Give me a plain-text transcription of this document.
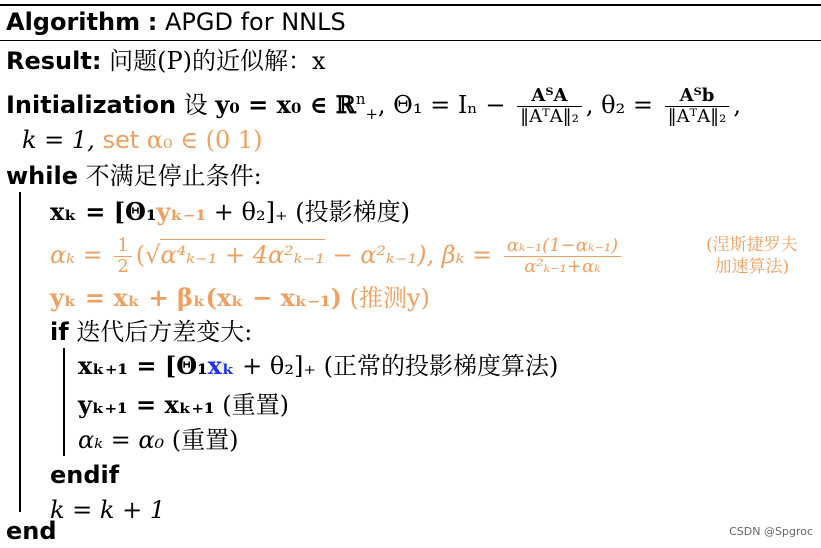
Algorithm : APGD for NNLS
Result: 问题(P)的近似解：x
Initialization 设 y₀ = x₀ ∈ ℝ$^n_+$, $\Theta_1 = I_n - \frac{\text{AᵀA}}{\text{‖AᵀA‖₂}}$ , $\theta_2 = \frac{\text{Aᵀb}}{\text{‖AᵀA‖₂}}$ ,
k = 1, set α₀ ∈ (0 1)
while 不满足停止条件:
xₖ = [Θ₁yₖ₋₁ + θ₂]₊ (投影梯度)
$\alpha_k = \frac{1}{2} (√\alpha^4_{k-1} + 4\alpha^2_{k-1} - \alpha^2_{k-1})$, $\beta_k = \frac{\text{αₖ₋₁(1−αₖ₋₁)}}{\text{α²ₖ₋₁+αₖ}}$	(涅斯捷罗夫
加速算法)
yₖ = xₖ + βₖ(xₖ − xₖ₋₁) (推测y)
if 迭代后方差变大:
xₖ₊₁ = [Θ₁xₖ + θ₂]₊ (正常的投影梯度算法)
yₖ₊₁ = xₖ₊₁ (重置)
αₖ = α₀ (重置)
endif
k = k + 1
end	CSDN @Spgroc
